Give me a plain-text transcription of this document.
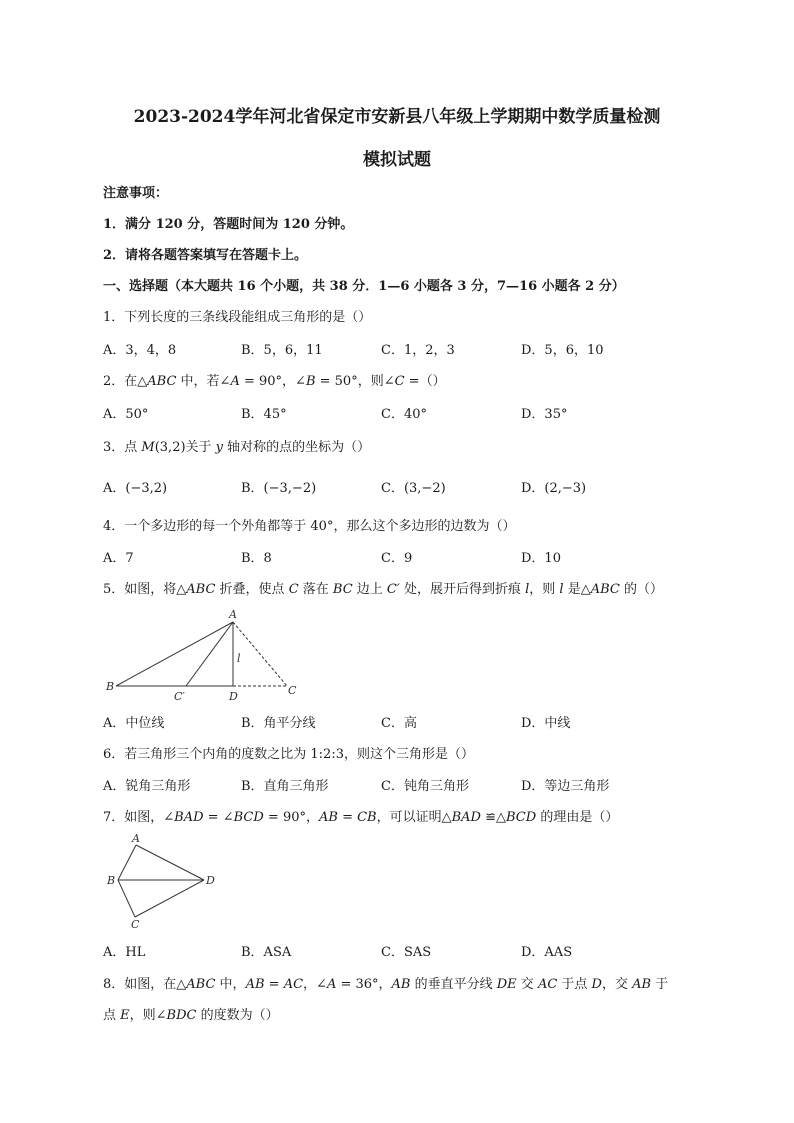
2023-2024学年河北省保定市安新县八年级上学期期中数学质量检测
模拟试题
注意事项：
1．满分 120 分，答题时间为 120 分钟。
2．请将各题答案填写在答题卡上。
一、选择题（本大题共 16 个小题，共 38 分．1—6 小题各 3 分，7—16 小题各 2 分）
1．下列长度的三条线段能组成三角形的是（）
A．3，4，8	B．5，6，11	C．1，2，3	D．5，6，10
2．在△ABC 中，若∠A = 90°，∠B = 50°，则∠C =（）
A．50°	B．45°	C．40°	D．35°
3．点 M(3,2)关于 y 轴对称的点的坐标为（）
A．(−3,2)	B．(−3,−2)	C．(3,−2)	D．(2,−3)
4．一个多边形的每一个外角都等于 40°，那么这个多边形的边数为（）
A．7	B．8	C．9	D．10
5．如图，将△ABC 折叠，使点 C 落在 BC 边上 C′ 处，展开后得到折痕 l，则 l 是△ABC 的（）
A
B
C′	D	C
l
A．中位线	B．角平分线	C．高	D．中线
6．若三角形三个内角的度数之比为 1:2:3，则这个三角形是（）
A．锐角三角形	B．直角三角形	C．钝角三角形	D．等边三角形
7．如图，∠BAD = ∠BCD = 90°，AB = CB，可以证明△BAD ≌△BCD 的理由是（）
A
B
C
D
A．HL	B．ASA	C．SAS	D．AAS
8．如图，在△ABC 中，AB = AC，∠A = 36°，AB 的垂直平分线 DE 交 AC 于点 D，交 AB 于
点 E，则∠BDC 的度数为（）
